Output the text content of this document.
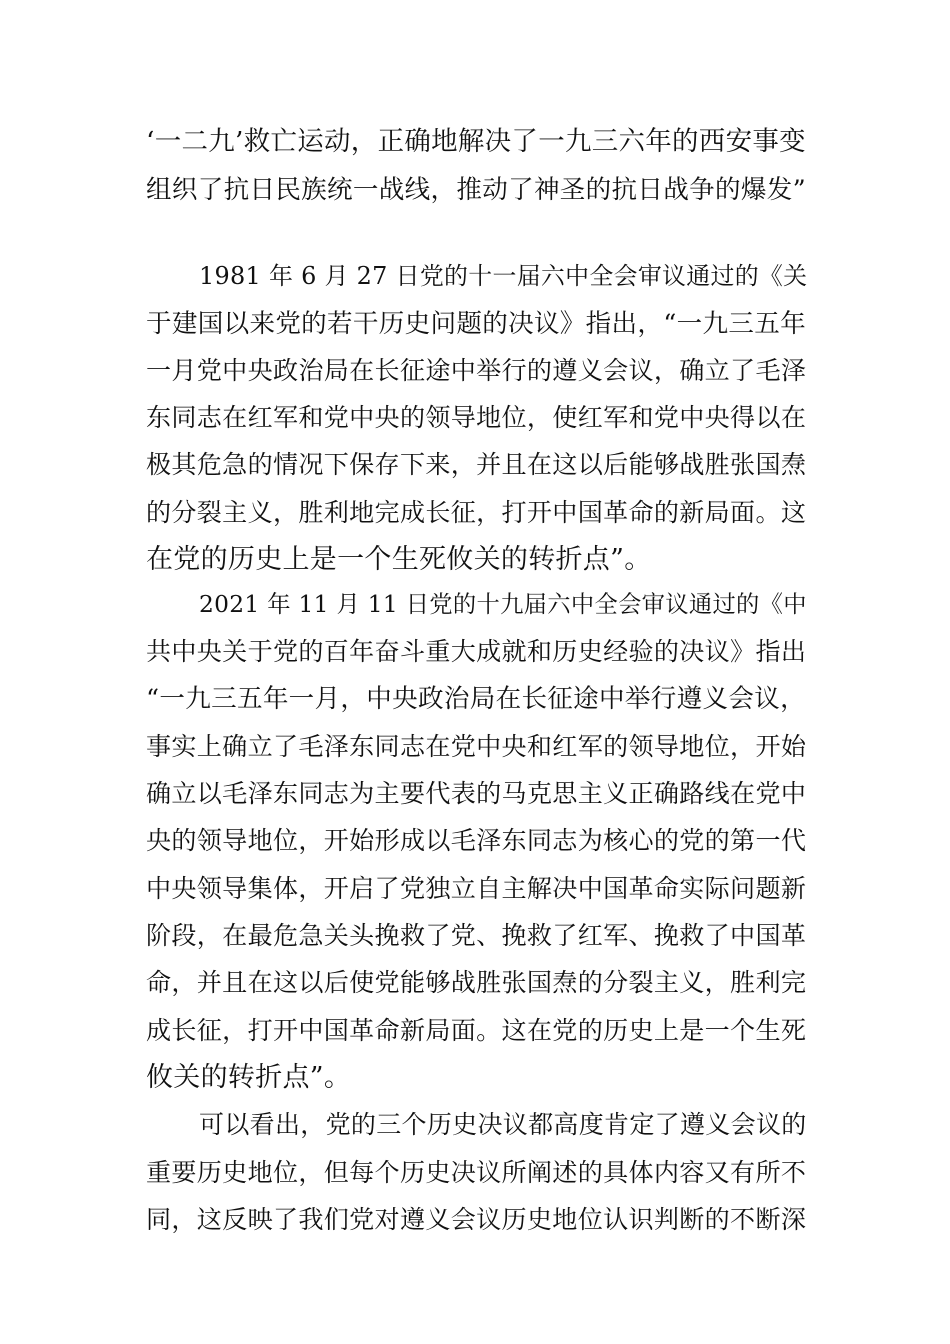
‘一二九’救亡运动，正确地解决了一九三六年的西安事变
组织了抗日民族统一战线，推动了神圣的抗日战争的爆发”
1981 年 6 月 27 日党的十一届六中全会审议通过的《关
于建国以来党的若干历史问题的决议》指出，“一九三五年
一月党中央政治局在长征途中举行的遵义会议，确立了毛泽
东同志在红军和党中央的领导地位，使红军和党中央得以在
极其危急的情况下保存下来，并且在这以后能够战胜张国焘
的分裂主义，胜利地完成长征，打开中国革命的新局面。这
在党的历史上是一个生死攸关的转折点”。
2021 年 11 月 11 日党的十九届六中全会审议通过的《中
共中央关于党的百年奋斗重大成就和历史经验的决议》指出
“一九三五年一月，中央政治局在长征途中举行遵义会议，
事实上确立了毛泽东同志在党中央和红军的领导地位，开始
确立以毛泽东同志为主要代表的马克思主义正确路线在党中
央的领导地位，开始形成以毛泽东同志为核心的党的第一代
中央领导集体，开启了党独立自主解决中国革命实际问题新
阶段，在最危急关头挽救了党、挽救了红军、挽救了中国革
命，并且在这以后使党能够战胜张国焘的分裂主义，胜利完
成长征，打开中国革命新局面。这在党的历史上是一个生死
攸关的转折点”。
可以看出，党的三个历史决议都高度肯定了遵义会议的
重要历史地位，但每个历史决议所阐述的具体内容又有所不
同，这反映了我们党对遵义会议历史地位认识判断的不断深
